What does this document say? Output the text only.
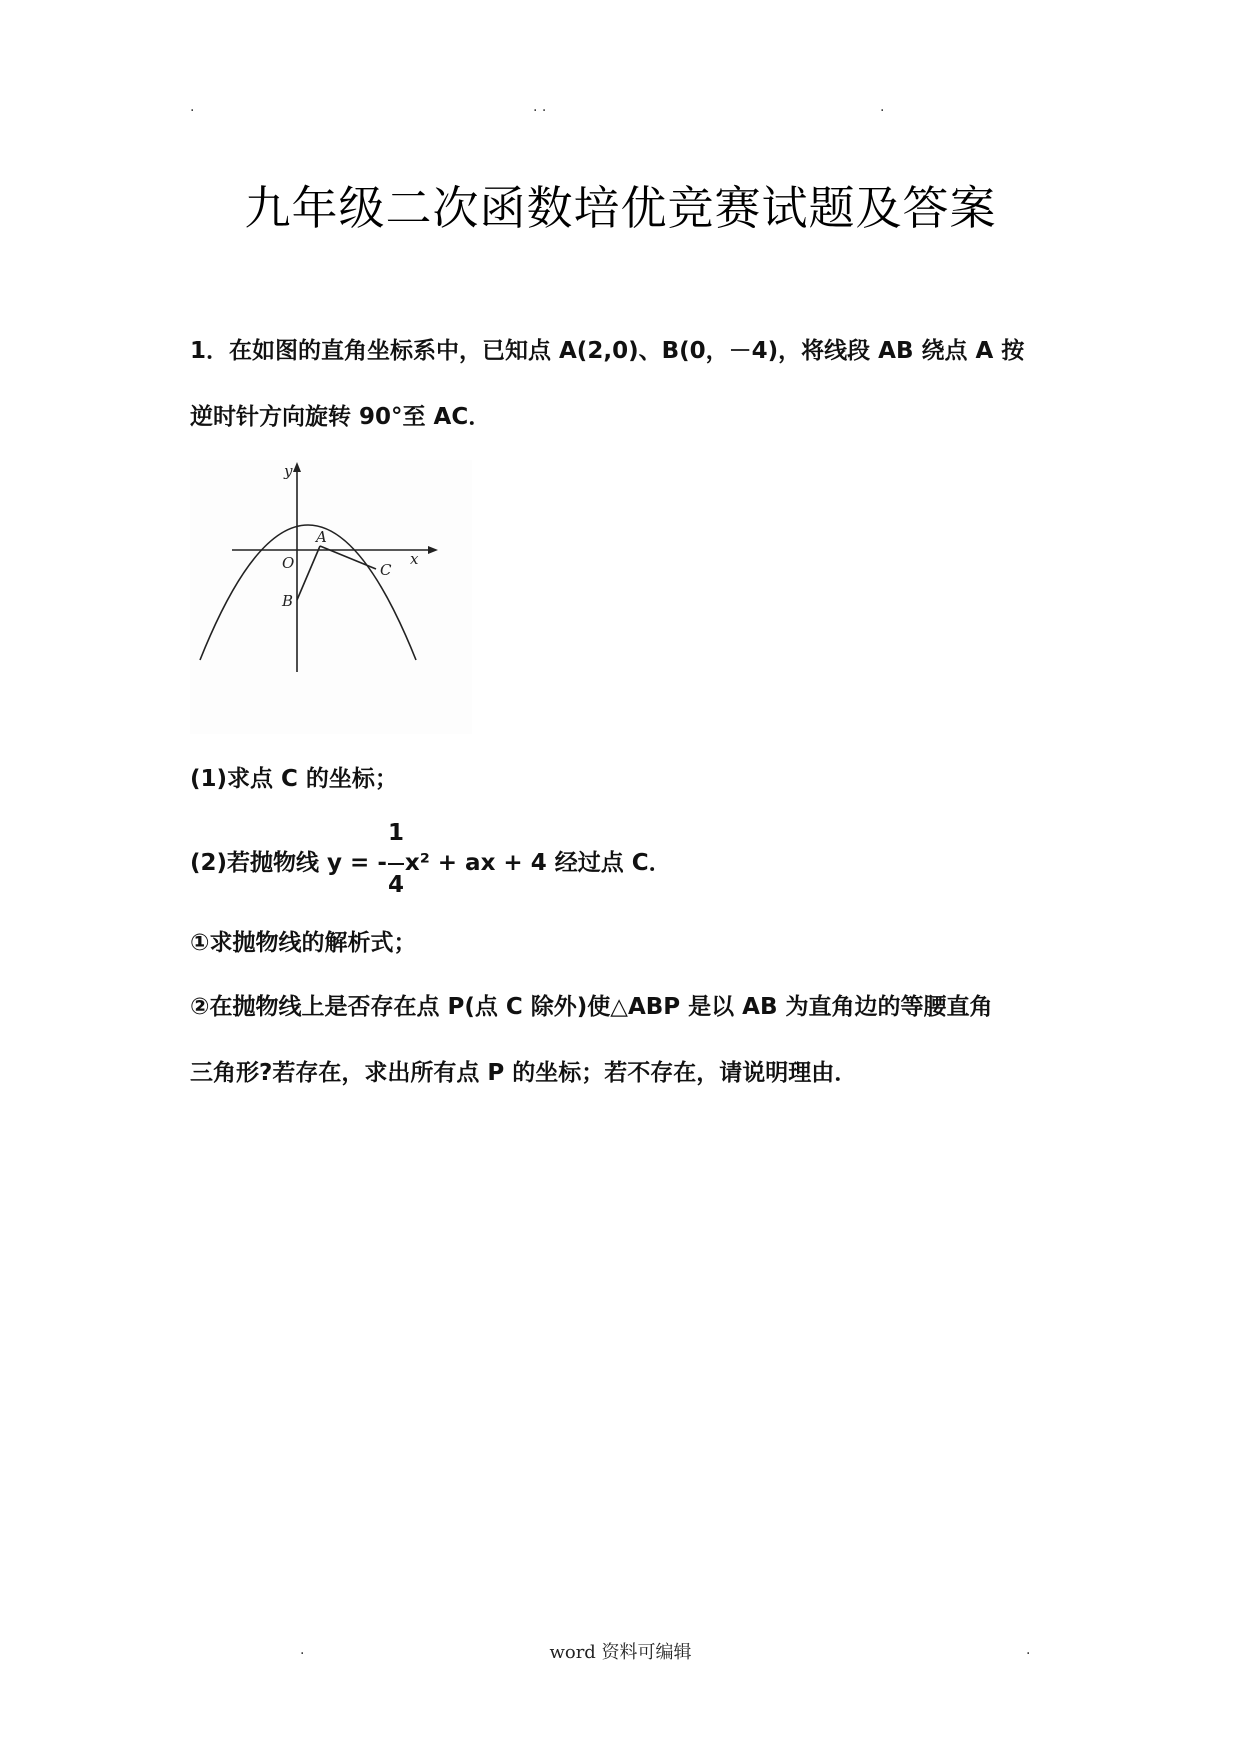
.	. .	.
九年级二次函数培优竞赛试题及答案
1．在如图的直角坐标系中，已知点 A(2,0)、B(0，－4)，将线段 AB 绕点 A 按
逆时针方向旋转 90°至 AC．
y
x
O
A
B
C
(1)求点 C 的坐标；
1
(2)若抛物线 y = - x² + ax + 4 经过点 C．
4
①求抛物线的解析式；
②在抛物线上是否存在点 P(点 C 除外)使△ABP 是以 AB 为直角边的等腰直角
三角形?若存在，求出所有点 P 的坐标；若不存在，请说明理由．
.	word 资料可编辑	.
